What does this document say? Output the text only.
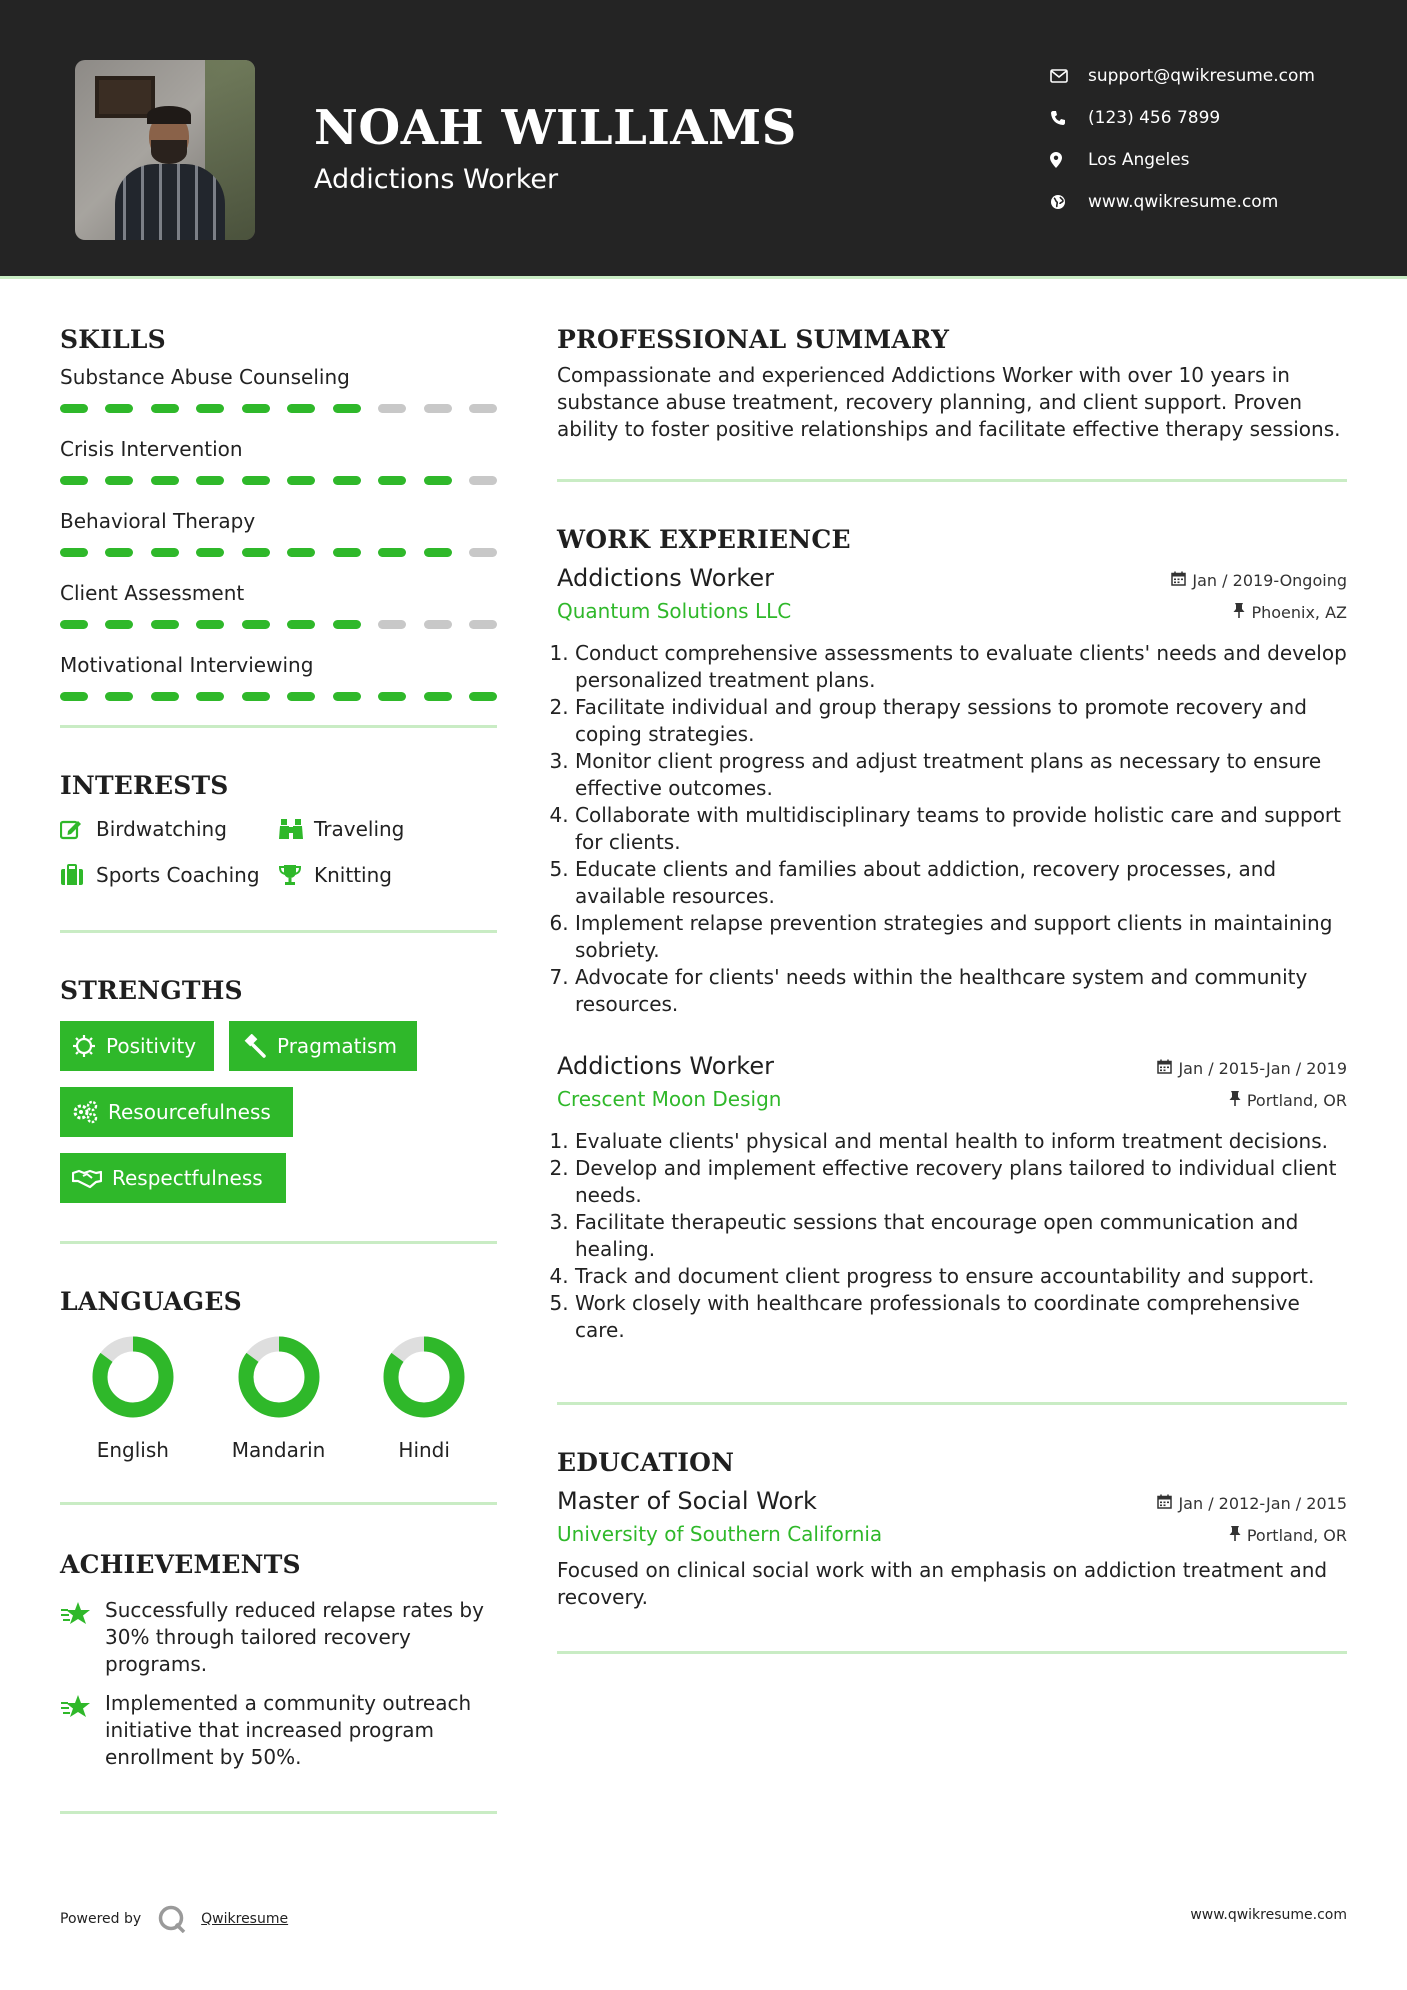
NOAH WILLIAMS
Addictions Worker
support@qwikresume.com
(123) 456 7899
Los Angeles
www.qwikresume.com
SKILLS
Substance Abuse Counseling
Crisis Intervention
Behavioral Therapy
Client Assessment
Motivational Interviewing
INTERESTS
Birdwatching	Traveling
Sports Coaching	Knitting
STRENGTHS
Positivity	Pragmatism
Resourcefulness
Respectfulness
LANGUAGES
English	Mandarin	Hindi
ACHIEVEMENTS
Successfully reduced relapse rates by 30% through tailored recovery programs.
Implemented a community outreach initiative that increased program enrollment by 50%.
PROFESSIONAL SUMMARY
Compassionate and experienced Addictions Worker with over 10 years in substance abuse treatment, recovery planning, and client support. Proven ability to foster positive relationships and facilitate effective therapy sessions.
WORK EXPERIENCE
Addictions Worker	Jan / 2019-Ongoing
Quantum Solutions LLC	Phoenix, AZ
1. Conduct comprehensive assessments to evaluate clients' needs and develop personalized treatment plans.
2. Facilitate individual and group therapy sessions to promote recovery and coping strategies.
3. Monitor client progress and adjust treatment plans as necessary to ensure effective outcomes.
4. Collaborate with multidisciplinary teams to provide holistic care and support for clients.
5. Educate clients and families about addiction, recovery processes, and available resources.
6. Implement relapse prevention strategies and support clients in maintaining sobriety.
7. Advocate for clients' needs within the healthcare system and community resources.
Addictions Worker	Jan / 2015-Jan / 2019
Crescent Moon Design	Portland, OR
1. Evaluate clients' physical and mental health to inform treatment decisions.
2. Develop and implement effective recovery plans tailored to individual client needs.
3. Facilitate therapeutic sessions that encourage open communication and healing.
4. Track and document client progress to ensure accountability and support.
5. Work closely with healthcare professionals to coordinate comprehensive care.
EDUCATION
Master of Social Work	Jan / 2012-Jan / 2015
University of Southern California	Portland, OR
Focused on clinical social work with an emphasis on addiction treatment and recovery.
Powered by	Qwikresume	www.qwikresume.com
